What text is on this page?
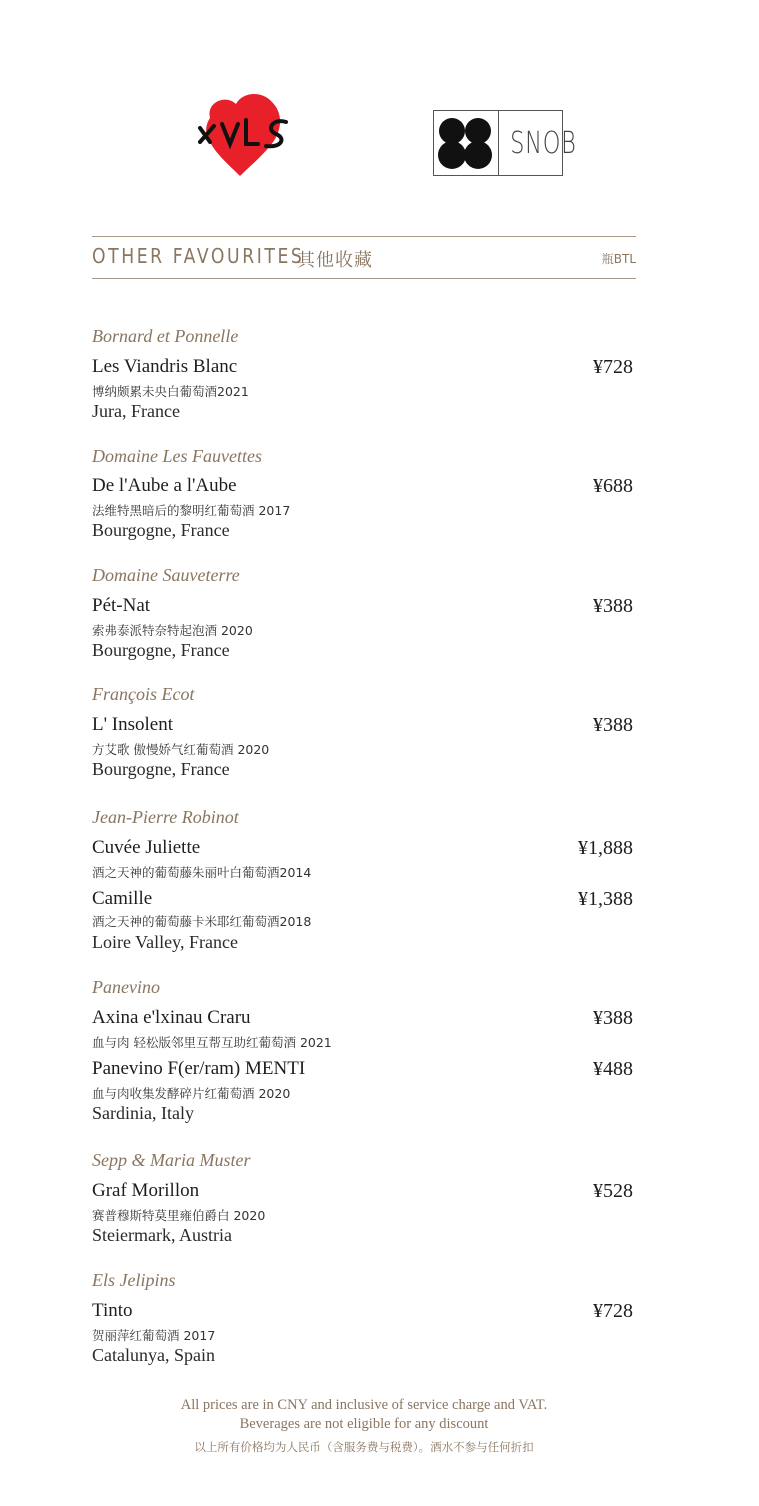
SNOB
OTHER FAVOURITES
其他收藏	瓶BTL
Bornard et Ponnelle
Les Viandris Blanc	¥728
博纳颇累未央白葡萄酒2021
Jura, France
Domaine Les Fauvettes
De l'Aube a l'Aube	¥688
法维特黑暗后的黎明红葡萄酒 2017
Bourgogne, France
Domaine Sauveterre
Pét-Nat	¥388
索弗泰派特奈特起泡酒 2020
Bourgogne, France
François Ecot
L' Insolent	¥388
方艾歌 傲慢娇气红葡萄酒 2020
Bourgogne, France
Jean-Pierre Robinot
Cuvée Juliette	¥1,888
酒之天神的葡萄藤朱丽叶白葡萄酒2014
Camille	¥1,388
酒之天神的葡萄藤卡米耶红葡萄酒2018
Loire Valley, France
Panevino
Axina e'lxinau Craru	¥388
血与肉 轻松版邻里互帮互助红葡萄酒 2021
Panevino F(er/ram) MENTI	¥488
血与肉收集发酵碎片红葡萄酒 2020
Sardinia, Italy
Sepp & Maria Muster
Graf Morillon	¥528
赛普穆斯特莫里雍伯爵白 2020
Steiermark, Austria
Els Jelipins
Tinto	¥728
贺丽萍红葡萄酒 2017
Catalunya, Spain
All prices are in CNY and inclusive of service charge and VAT.
Beverages are not eligible for any discount
以上所有价格均为人民币（含服务费与税费）。酒水不参与任何折扣
